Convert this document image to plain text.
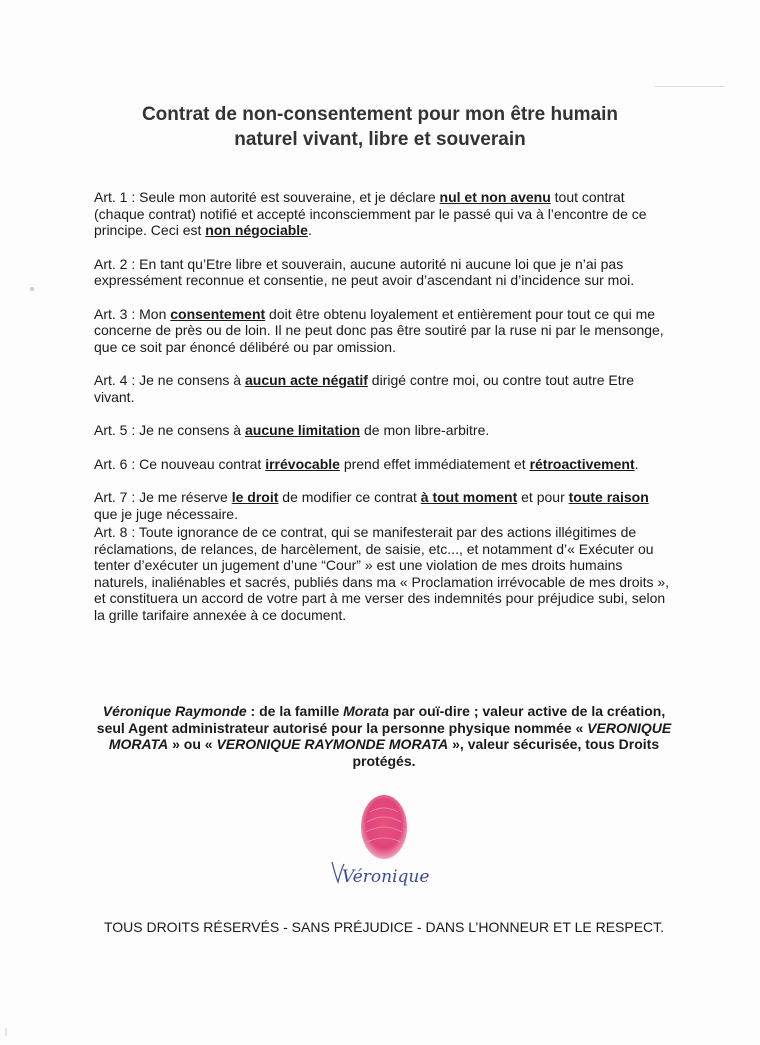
Contrat de non-consentement pour mon être humain
naturel vivant, libre et souverain

Art. 1 : Seule mon autorité est souveraine, et je déclare nul et non avenu tout contrat (chaque contrat) notifié et accepté inconsciemment par le passé qui va à l’encontre de ce principe. Ceci est non négociable.

Art. 2 : En tant qu’Etre libre et souverain, aucune autorité ni aucune loi que je n’ai pas expressément reconnue et consentie, ne peut avoir d’ascendant ni d’incidence sur moi.

Art. 3 : Mon consentement doit être obtenu loyalement et entièrement pour tout ce qui me concerne de près ou de loin. Il ne peut donc pas être soutiré par la ruse ni par le mensonge, que ce soit par énoncé délibéré ou par omission.

Art. 4 : Je ne consens à aucun acte négatif dirigé contre moi, ou contre tout autre Etre vivant.

Art. 5 : Je ne consens à aucune limitation de mon libre-arbitre.

Art. 6 : Ce nouveau contrat irrévocable prend effet immédiatement et rétroactivement.

Art. 7 : Je me réserve le droit de modifier ce contrat à tout moment et pour toute raison que je juge nécessaire.

Art. 8 : Toute ignorance de ce contrat, qui se manifesterait par des actions illégitimes de réclamations, de relances, de harcèlement, de saisie, etc..., et notamment d’« Exécuter ou tenter d’exécuter un jugement d’une “Cour” » est une violation de mes droits humains naturels, inaliénables et sacrés, publiés dans ma « Proclamation irrévocable de mes droits », et constituera un accord de votre part à me verser des indemnités pour préjudice subi, selon la grille tarifaire annexée à ce document.

Véronique Raymonde : de la famille Morata par ouï-dire ; valeur active de la création, seul Agent administrateur autorisé pour la personne physique nommée « VERONIQUE MORATA » ou « VERONIQUE RAYMONDE MORATA », valeur sécurisée, tous Droits protégés.
Véronique
TOUS DROITS RÉSERVÉS - SANS PRÉJUDICE - DANS L’HONNEUR ET LE RESPECT.
